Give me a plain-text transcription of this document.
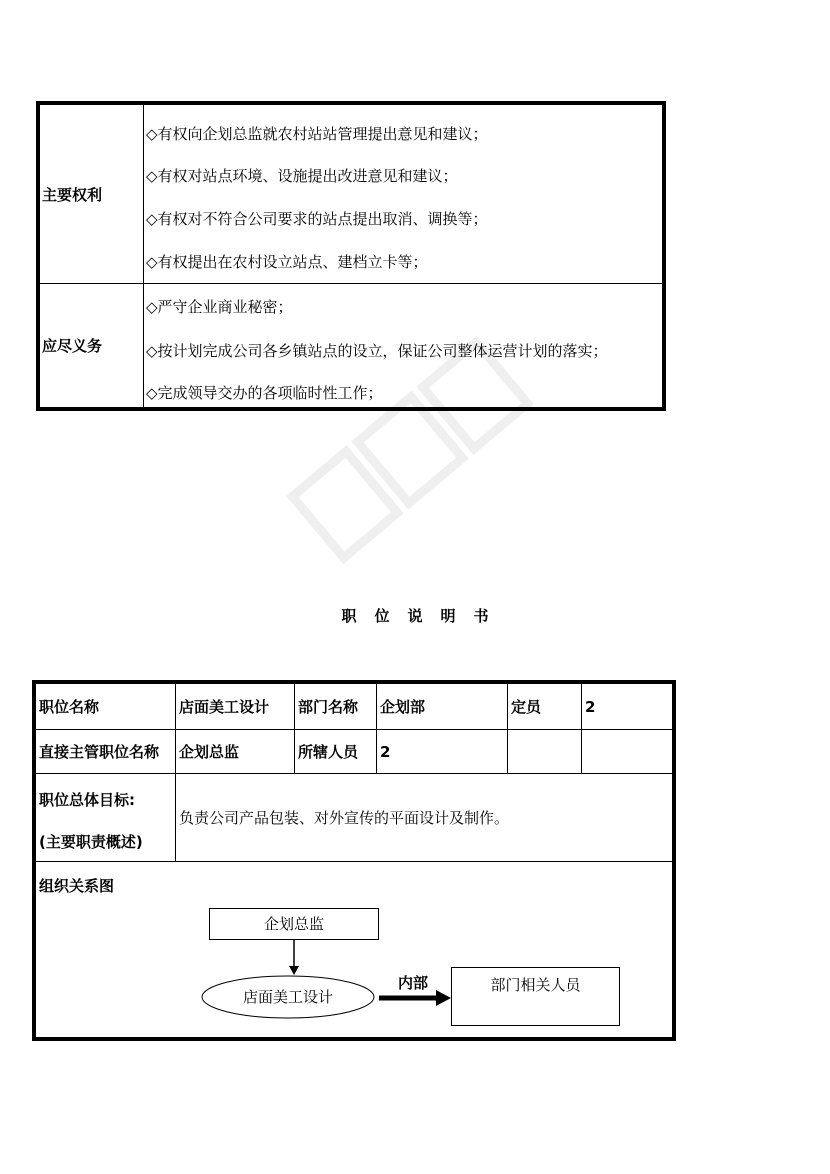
主要权利
◇有权向企划总监就农村站站管理提出意见和建议；
◇有权对站点环境、设施提出改进意见和建议；
◇有权对不符合公司要求的站点提出取消、调换等；
◇有权提出在农村设立站点、建档立卡等；
应尽义务
◇严守企业商业秘密；
◇按计划完成公司各乡镇站点的设立，保证公司整体运营计划的落实；
◇完成领导交办的各项临时性工作；
职位说明书
职位名称	店面美工设计	部门名称	企划部	定员	2
直接主管职位名称	企划总监	所辖人员	2
职位总体目标:
(主要职责概述)
负责公司产品包装、对外宣传的平面设计及制作。
组织关系图
企划总监
店面美工设计
内部	部门相关人员
